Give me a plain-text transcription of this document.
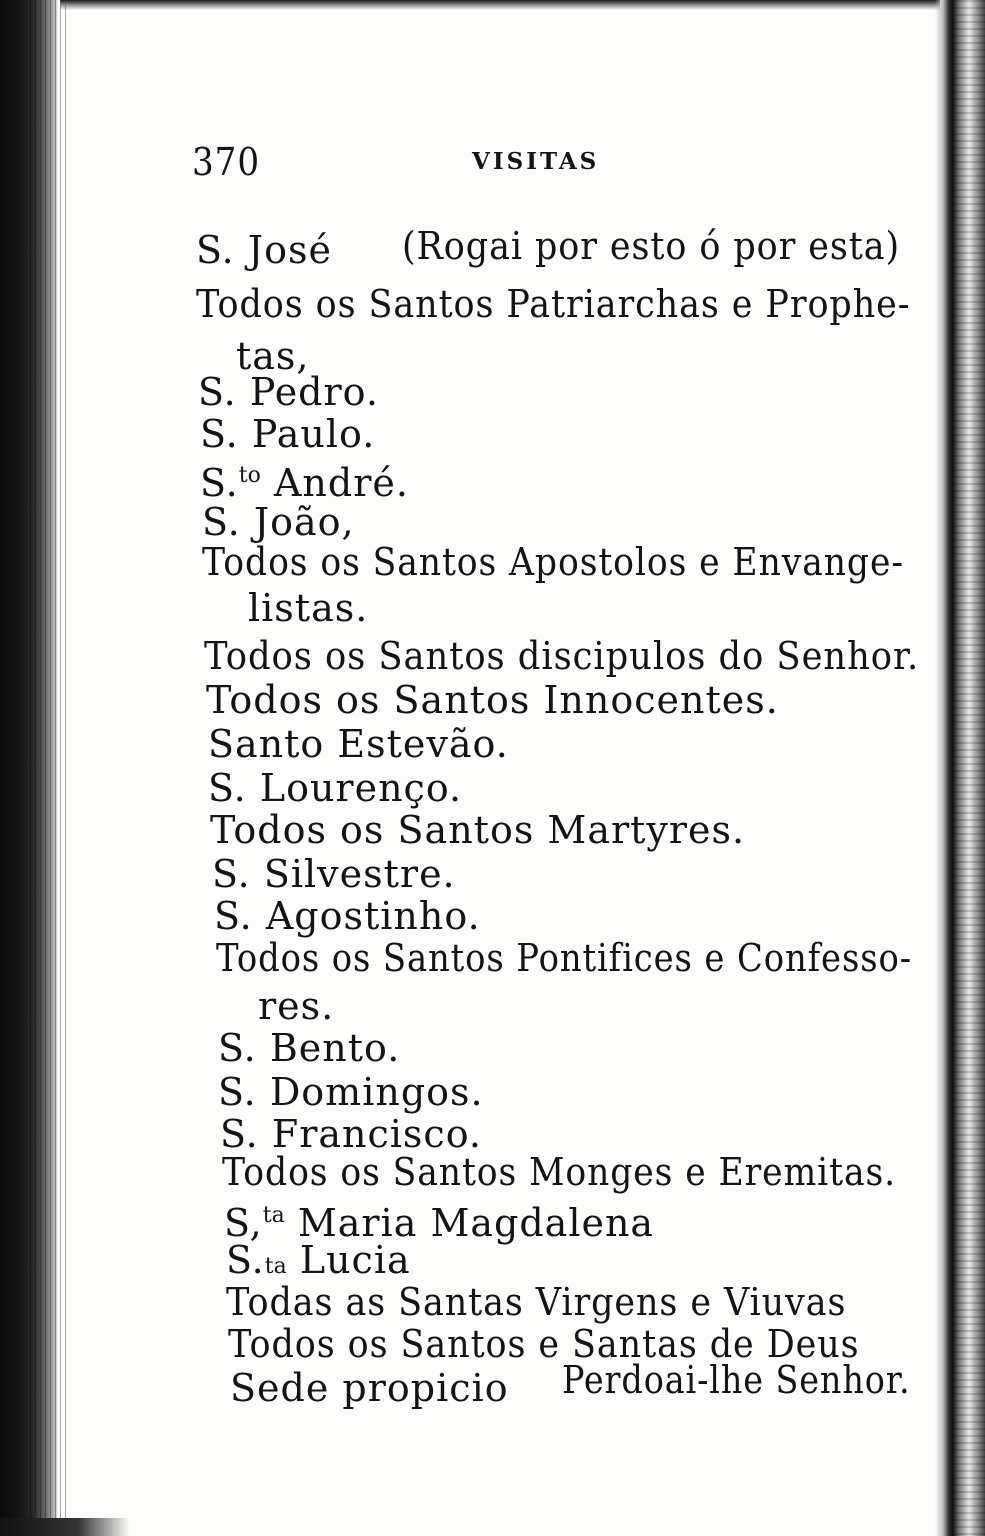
370	VISITAS
S. José (Rogai por esto ó por esta)
Todos os Santos Patriarchas e Prophe-
tas,
S. Pedro.
S. Paulo.
S.$^{to}$ André.
S. João,
Todos os Santos Apostolos e Envange-
listas.
Todos os Santos discipulos do Senhor.
Todos os Santos Innocentes.
Santo Estevão.
S. Lourenço.
Todos os Santos Martyres.
S. Silvestre.
S. Agostinho.
Todos os Santos Pontifices e Confesso-
res.
S. Bento.
S. Domingos.
S. Francisco.
Todos os Santos Monges e Eremitas.
S,$^{ta}$ Maria Magdalena
S.ta Lucia
Todas as Santas Virgens e Viuvas
Todos os Santos e Santas de Deus
Sede propicio Perdoai-lhe Senhor.
